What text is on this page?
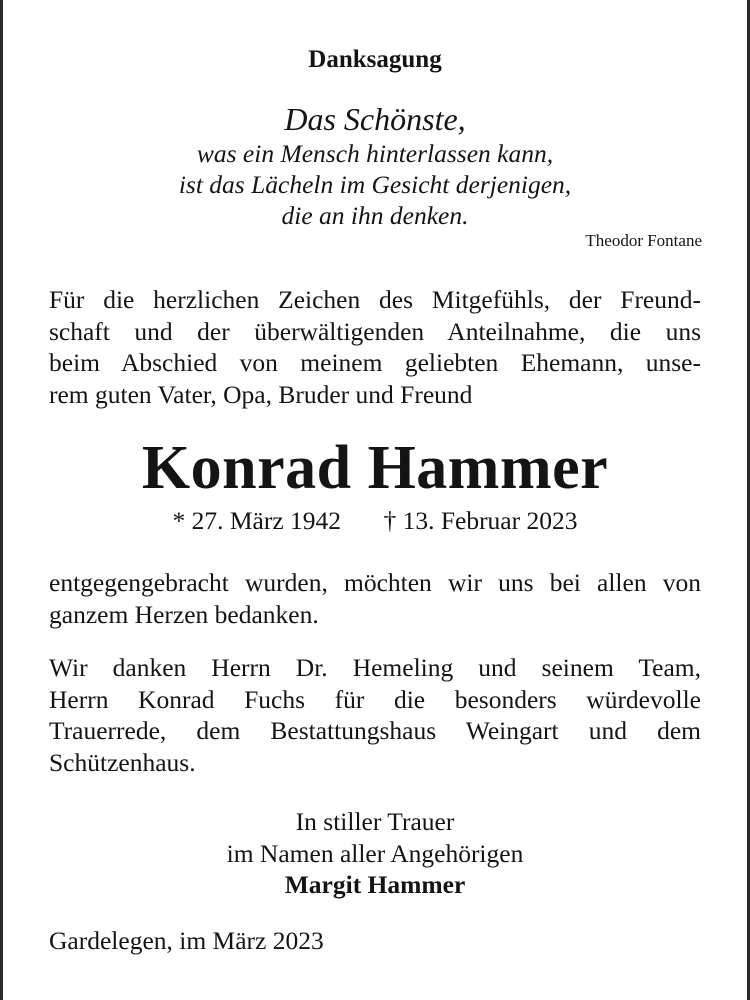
Danksagung
Das Schönste,
was ein Mensch hinterlassen kann,
ist das Lächeln im Gesicht derjenigen,
die an ihn denken.
Theodor Fontane
Für die herzlichen Zeichen des Mitgefühls, der Freund-
schaft und der überwältigenden Anteilnahme, die uns
beim Abschied von meinem geliebten Ehemann, unse-
rem guten Vater, Opa, Bruder und Freund
Konrad Hammer
* 27. März 1942 † 13. Februar 2023
entgegengebracht wurden, möchten wir uns bei allen von
ganzem Herzen bedanken.
Wir danken Herrn Dr. Hemeling und seinem Team,
Herrn Konrad Fuchs für die besonders würdevolle
Trauerrede, dem Bestattungshaus Weingart und dem
Schützenhaus.
In stiller Trauer
im Namen aller Angehörigen
Margit Hammer
Gardelegen, im März 2023
